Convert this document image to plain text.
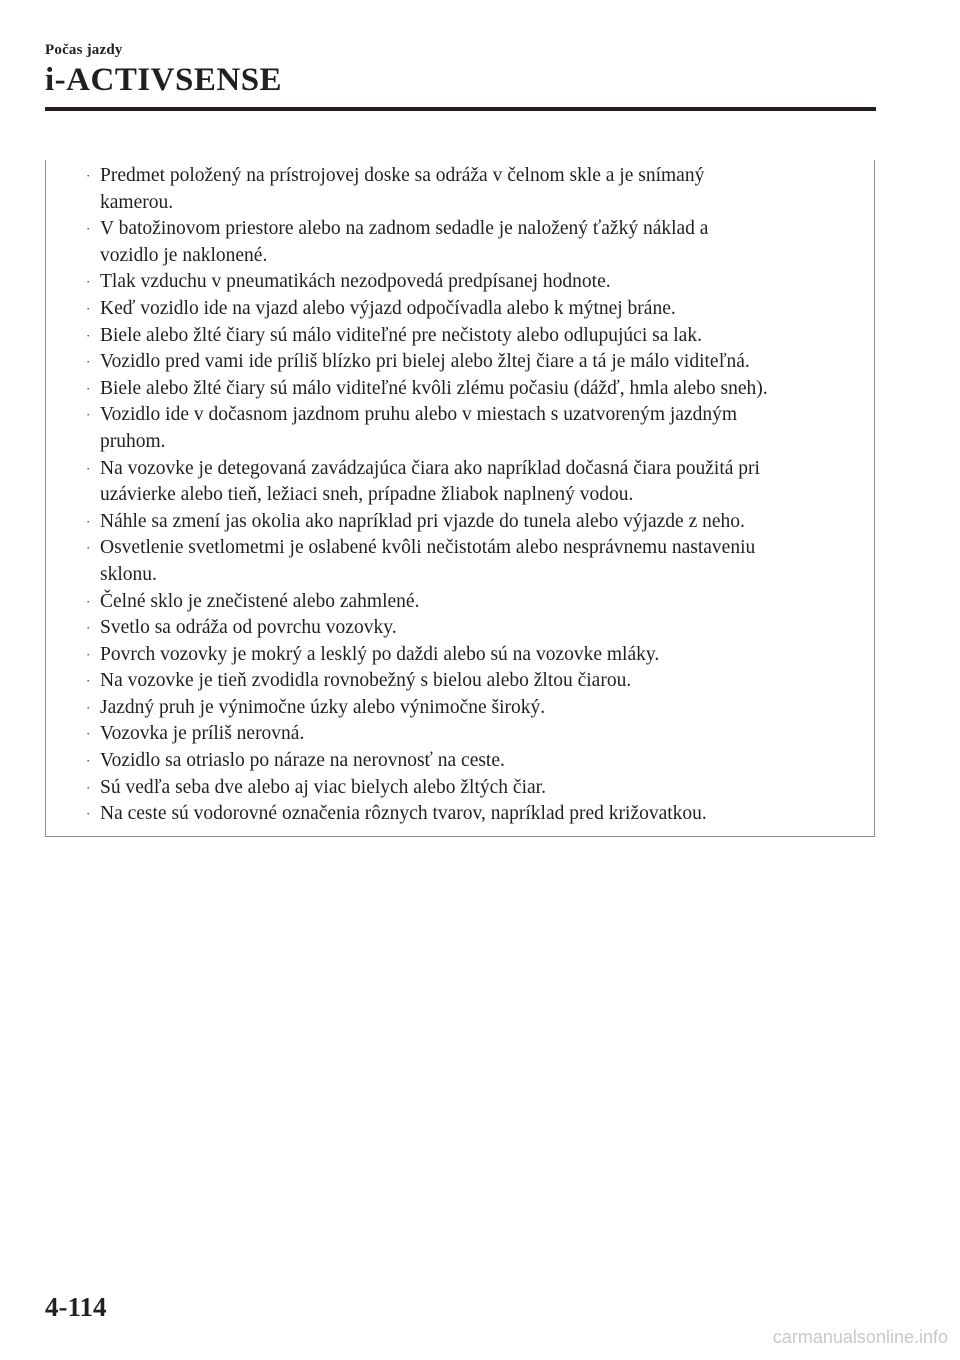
Počas jazdy
i-ACTIVSENSE
· Predmet položený na prístrojovej doske sa odráža v čelnom skle a je snímaný
kamerou.
· V batožinovom priestore alebo na zadnom sedadle je naložený ťažký náklad a
vozidlo je naklonené.
· Tlak vzduchu v pneumatikách nezodpovedá predpísanej hodnote.
· Keď vozidlo ide na vjazd alebo výjazd odpočívadla alebo k mýtnej bráne.
· Biele alebo žlté čiary sú málo viditeľné pre nečistoty alebo odlupujúci sa lak.
· Vozidlo pred vami ide príliš blízko pri bielej alebo žltej čiare a tá je málo viditeľná.
· Biele alebo žlté čiary sú málo viditeľné kvôli zlému počasiu (dážď, hmla alebo sneh).
· Vozidlo ide v dočasnom jazdnom pruhu alebo v miestach s uzatvoreným jazdným
pruhom.
· Na vozovke je detegovaná zavádzajúca čiara ako napríklad dočasná čiara použitá pri
uzávierke alebo tieň, ležiaci sneh, prípadne žliabok naplnený vodou.
· Náhle sa zmení jas okolia ako napríklad pri vjazde do tunela alebo výjazde z neho.
· Osvetlenie svetlometmi je oslabené kvôli nečistotám alebo nesprávnemu nastaveniu
sklonu.
· Čelné sklo je znečistené alebo zahmlené.
· Svetlo sa odráža od povrchu vozovky.
· Povrch vozovky je mokrý a lesklý po daždi alebo sú na vozovke mláky.
· Na vozovke je tieň zvodidla rovnobežný s bielou alebo žltou čiarou.
· Jazdný pruh je výnimočne úzky alebo výnimočne široký.
· Vozovka je príliš nerovná.
· Vozidlo sa otriaslo po náraze na nerovnosť na ceste.
· Sú vedľa seba dve alebo aj viac bielych alebo žltých čiar.
· Na ceste sú vodorovné označenia rôznych tvarov, napríklad pred križovatkou.
4-114
carmanualsonline.info
